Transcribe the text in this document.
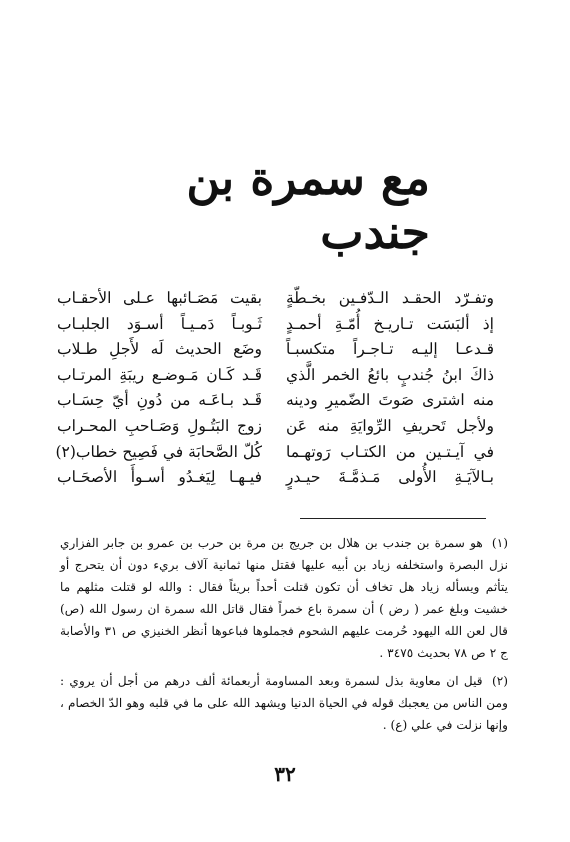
مع سمرة بن جندب
وتفـرّد الحقـد الـدّفـين بخـطّةٍ
إذ ألبَسَت تـاريـخ أُمّـةِ أحمـدٍ
قـدعـا إليـه تـاجـراً متكسبـاً
ذاكَ ابنُ جُندبٍ بائعُ الخمر الَّذي
منه اشترى صَوتَ الضّميرِ ودينه
ولأجل تَحريفِ الرِّوايَةِ منه عَن
في آيـتـين من الكتـاب رَوتهـما
بـالآيَـةِ الأُولى مَـذمَّـةَ حيـدرٍ
بقيت مَصَـائبها عـلى الأحقـاب
ثَـوبـاً دَمـيـاً أسـوَد الجلبـاب
وضَع الحديث لَه لأَجلِ طـلاب
قَـد كَـان مَـوضـع ريبَةِ المرتـاب
قَـد بـاعَـه من دُونِ أيّ حِسَـاب
زوج البَتُـولِ وَصَـاحبِ المحـراب
كُلّ الصَّحابَة في فَصِيح خطاب(٢)
فيـهـا لِيَغـدُو أسـوأَ الأصحَـاب

(١) هو سمرة بن جندب بن هلال بن جريج بن مرة بن حرب بن عمرو بن جابر الفزاري نزل البصرة واستخلفه زياد بن أبيه عليها فقتل منها ثمانية آلاف بريء دون أن يتحرج أو يتأثم ويسأله زياد هل تخاف أن تكون قتلت أحداً بريئاً فقال : والله لو قتلت مثلهم ما خشيت وبلغ عمر ( رض ) أن سمرة باع خمراً فقال قاتل الله سمرة ان رسول الله (ص) قال لعن الله اليهود حُرمت عليهم الشحوم فجملوها فباعوها أنظر الخنيزي ص ٣١ والأصابة ج ٢ ص ٧٨ بحديث ٣٤٧٥ .

(٢) قيل ان معاوية بذل لسمرة وبعد المساومة أربعمائة ألف درهم من أجل أن يروي : ومن الناس من يعجبك قوله في الحياة الدنيا ويشهد الله على ما في قلبه وهو الدّ الخصام ، وإنها نزلت في علي (ع) .

٣٢
